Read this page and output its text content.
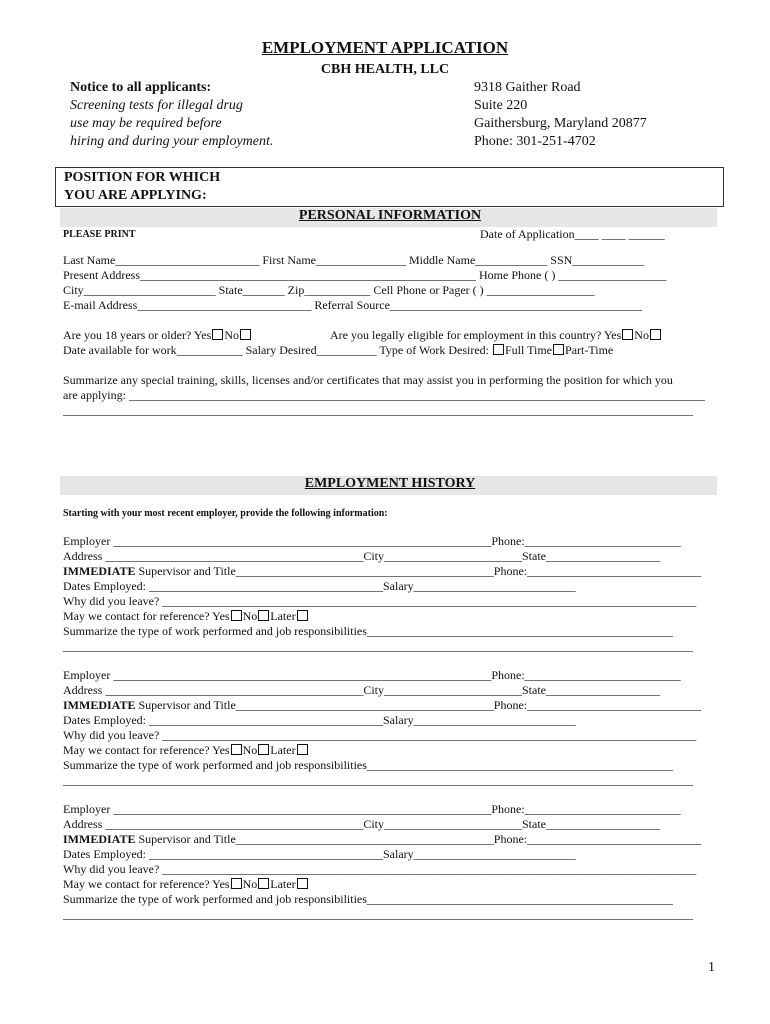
EMPLOYMENT APPLICATION
CBH HEALTH, LLC
Notice to all applicants:
Screening tests for illegal drug
use may be required before
hiring and during your employment.
9318 Gaither Road
Suite 220
Gaithersburg, Maryland 20877
Phone: 301-251-4702
POSITION FOR WHICH
YOU ARE APPLYING:
PERSONAL INFORMATION
PLEASE PRINT	Date of Application____ ____ ______
Last Name________________________ First Name_______________ Middle Name____________ SSN____________
Present Address________________________________________________________ Home Phone ( ) __________________
City______________________ State_______ Zip___________ Cell Phone or Pager ( ) __________________
E-mail Address_____________________________ Referral Source__________________________________________
Are you 18 years or older? Yes No	Are you legally eligible for employment in this country? Yes No
Date available for work___________ Salary Desired__________ Type of Work Desired: Full Time Part-Time
Summarize any special training, skills, licenses and/or certificates that may assist you in performing the position for which you
are applying: ________________________________________________________________________________________________
_________________________________________________________________________________________________________
EMPLOYMENT HISTORY
Starting with your most recent employer, provide the following information:
Employer _______________________________________________________________Phone:__________________________
Address ___________________________________________City_______________________State___________________
IMMEDIATE Supervisor and Title___________________________________________Phone:_____________________________
Dates Employed: _______________________________________Salary___________________________
Why did you leave? _________________________________________________________________________________________
May we contact for reference? Yes No Later
Summarize the type of work performed and job responsibilities___________________________________________________
_________________________________________________________________________________________________________
Employer _______________________________________________________________Phone:__________________________
Address ___________________________________________City_______________________State___________________
IMMEDIATE Supervisor and Title___________________________________________Phone:_____________________________
Dates Employed: _______________________________________Salary___________________________
Why did you leave? _________________________________________________________________________________________
May we contact for reference? Yes No Later
Summarize the type of work performed and job responsibilities___________________________________________________
_________________________________________________________________________________________________________
Employer _______________________________________________________________Phone:__________________________
Address ___________________________________________City_______________________State___________________
IMMEDIATE Supervisor and Title___________________________________________Phone:_____________________________
Dates Employed: _______________________________________Salary___________________________
Why did you leave? _________________________________________________________________________________________
May we contact for reference? Yes No Later
Summarize the type of work performed and job responsibilities___________________________________________________
_________________________________________________________________________________________________________
1
